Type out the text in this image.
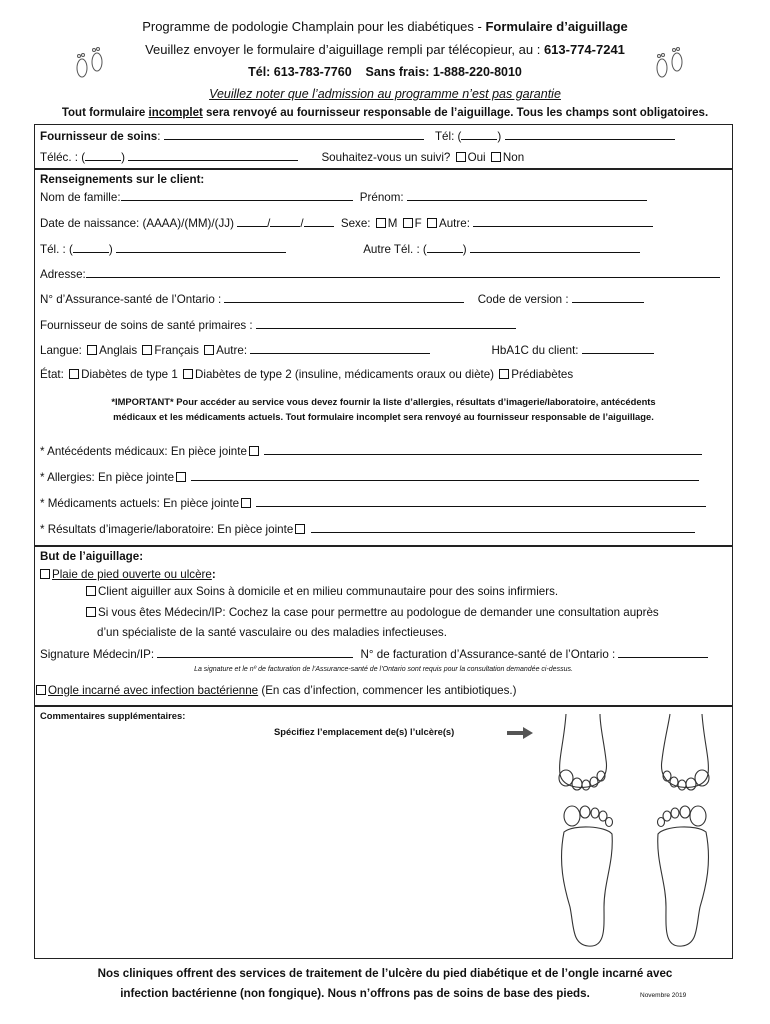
Programme de podologie Champlain pour les diabétiques - Formulaire d’aiguillage
Veuillez envoyer le formulaire d’aiguillage rempli par télécopieur, au : 613-774-7241
Tél: 613-783-7760    Sans frais: 1-888-220-8010
Veuillez noter que l’admission au programme n’est pas garantie
Tout formulaire incomplet sera renvoyé au fournisseur responsable de l’aiguillage. Tous les champs sont obligatoires.
Fournisseur de soins:	Tél: (	)
Téléc. : (	)	Souhaitez-vous un suivi? Oui Non
Renseignements sur le client:
Nom de famille:	Prénom:
Date de naissance: (AAAA)/(MM)/(JJ)	/	/	Sexe: M F Autre:
Tél. : (	)	Autre Tél. : (	)
Adresse:
N° d’Assurance-santé de l’Ontario :	Code de version :
Fournisseur de soins de santé primaires :
Langue: Anglais Français Autre:	HbA1C du client:
État: Diabètes de type 1 Diabètes de type 2 (insuline, médicaments oraux ou diète) Prédiabètes
*IMPORTANT* Pour accéder au service vous devez fournir la liste d’allergies, résultats d’imagerie/laboratoire, antécédents
médicaux et les médicaments actuels. Tout formulaire incomplet sera renvoyé au fournisseur responsable de l’aiguillage.
* Antécédents médicaux: En pièce jointe
* Allergies: En pièce jointe
* Médicaments actuels: En pièce jointe
* Résultats d’imagerie/laboratoire: En pièce jointe
But de l’aiguillage:
Plaie de pied ouverte ou ulcère:
Client aiguiller aux Soins à domicile et en milieu communautaire pour des soins infirmiers.
Si vous êtes Médecin/IP: Cochez la case pour permettre au podologue de demander une consultation auprès
d’un spécialiste de la santé vasculaire ou des maladies infectieuses.
Signature Médecin/IP:	N° de facturation d’Assurance-santé de l’Ontario :
La signature et le nº de facturation de l’Assurance-santé de l’Ontario sont requis pour la consultation demandée ci-dessus.
Ongle incarné avec infection bactérienne (En cas d’infection, commencer les antibiotiques.)
Commentaires supplémentaires:
Spécifiez l’emplacement de(s) l’ulcère(s)
Nos cliniques offrent des services de traitement de l’ulcère du pied diabétique et de l’ongle incarné avec
infection bactérienne (non fongique). Nous n’offrons pas de soins de base des pieds.	Novembre 2019
